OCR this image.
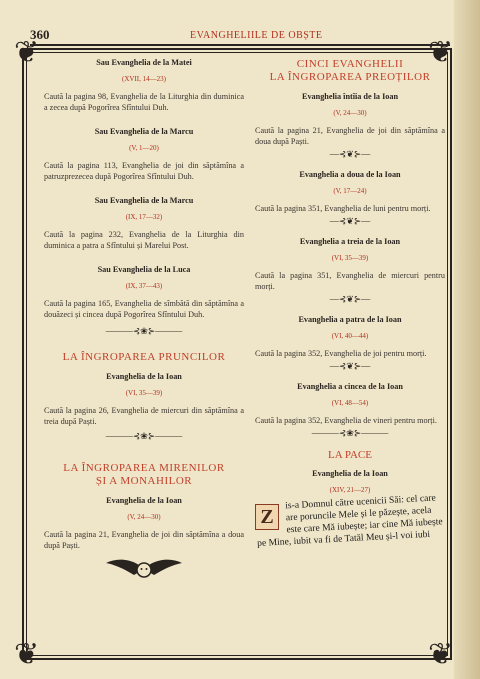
❦	❦
❦	❦
360	EVANGHELIILE DE OBȘTE
Sau Evanghelia de la Matei
(XVII, 14—23)
Caută la pagina 98, Evanghelia de la Liturghia din duminica a zecea după Pogorîrea Sfîntului Duh.
Sau Evanghelia de la Marcu
(V, 1—20)
Caută la pagina 113, Evanghelia de joi din săptămîna a patruzprezecea după Pogorîrea Sfîntului Duh.
Sau Evanghelia de la Marcu
(IX, 17—32)
Caută la pagina 232, Evanghelia de la Liturghia din duminica a patra a Sfîntului și Marelui Post.
Sau Evanghelia de la Luca
(IX, 37—43)
Caută la pagina 165, Evanghelia de sîmbătă din săptămîna a douăzeci și cincea după Pogorîrea Sfîntului Duh.
———⊰❀⊱———
LA ÎNGROPAREA PRUNCILOR
Evanghelia de la Ioan
(VI, 35—39)
Caută la pagina 26, Evanghelia de miercuri din săptămîna a treia după Paști.
———⊰❀⊱———
LA ÎNGROPAREA MIRENILOR
ȘI A MONAHILOR
Evanghelia de la Ioan
(V, 24—30)
Caută la pagina 21, Evanghelia de joi din săptămîna a doua după Paști.
CINCI EVANGHELII
LA ÎNGROPAREA PREOȚILOR
Evanghelia întîia de la Ioan
(V, 24—30)
Caută la pagina 21, Evanghelia de joi din săptămîna a doua după Paști.
—⊰❦⊱—
Evanghelia a doua de la Ioan
(V, 17—24)
Caută la pagina 351, Evanghelia de luni pentru morți.
—⊰❦⊱—
Evanghelia a treia de la Ioan
(VI, 35—39)
Caută la pagina 351, Evanghelia de miercuri pentru morți.
—⊰❦⊱—
Evanghelia a patra de la Ioan
(VI, 40—44)
Caută la pagina 352, Evanghelia de joi pentru morți.
—⊰❦⊱—
Evanghelia a cincea de la Ioan
(VI, 48—54)
Caută la pagina 352, Evanghelia de vineri pentru morți.
———⊰❀⊱———
LA PACE
Evanghelia de la Ioan
(XIV, 21—27)
Z
is-a Domnul către ucenicii Săi: cel care are poruncile Mele și le păzește, acela este care Mă iubește; iar cine Mă iubește pe Mine, iubit va fi de Tatăl Meu și-l voi iubi
